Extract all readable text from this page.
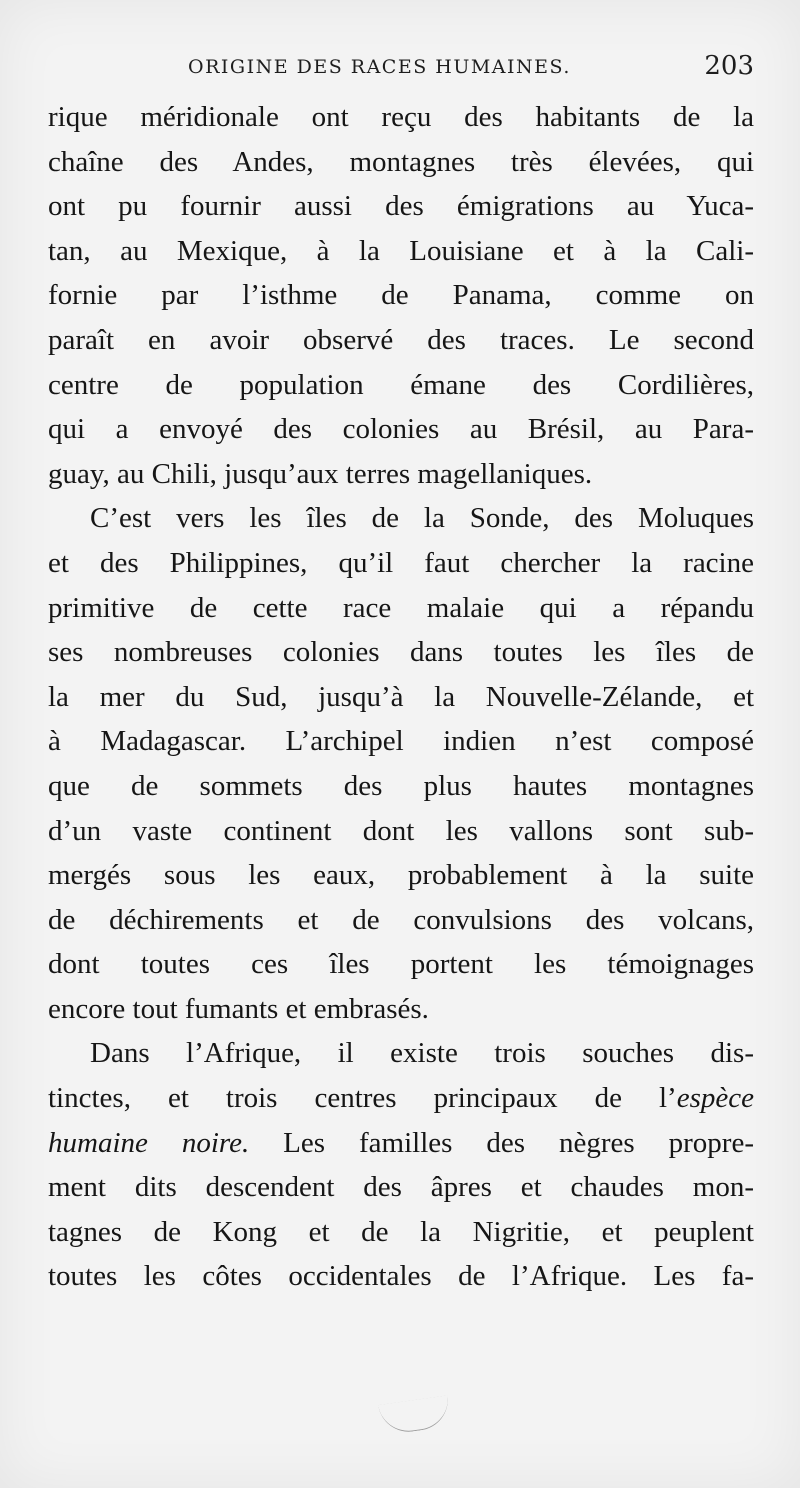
ORIGINE DES RACES HUMAINES.	203
rique méridionale ont reçu des habitants de la
chaîne des Andes, montagnes très élevées, qui
ont pu fournir aussi des émigrations au Yuca-
tan, au Mexique, à la Louisiane et à la Cali-
fornie par l’isthme de Panama, comme on
paraît en avoir observé des traces. Le second
centre de population émane des Cordilières,
qui a envoyé des colonies au Brésil, au Para-
guay, au Chili, jusqu’aux terres magellaniques.
C’est vers les îles de la Sonde, des Moluques
et des Philippines, qu’il faut chercher la racine
primitive de cette race malaie qui a répandu
ses nombreuses colonies dans toutes les îles de
la mer du Sud, jusqu’à la Nouvelle-Zélande, et
à Madagascar. L’archipel indien n’est composé
que de sommets des plus hautes montagnes
d’un vaste continent dont les vallons sont sub-
mergés sous les eaux, probablement à la suite
de déchirements et de convulsions des volcans,
dont toutes ces îles portent les témoignages
encore tout fumants et embrasés.
Dans l’Afrique, il existe trois souches dis-
tinctes, et trois centres principaux de l’espèce
humaine noire. Les familles des nègres propre-
ment dits descendent des âpres et chaudes mon-
tagnes de Kong et de la Nigritie, et peuplent
toutes les côtes occidentales de l’Afrique. Les fa-
